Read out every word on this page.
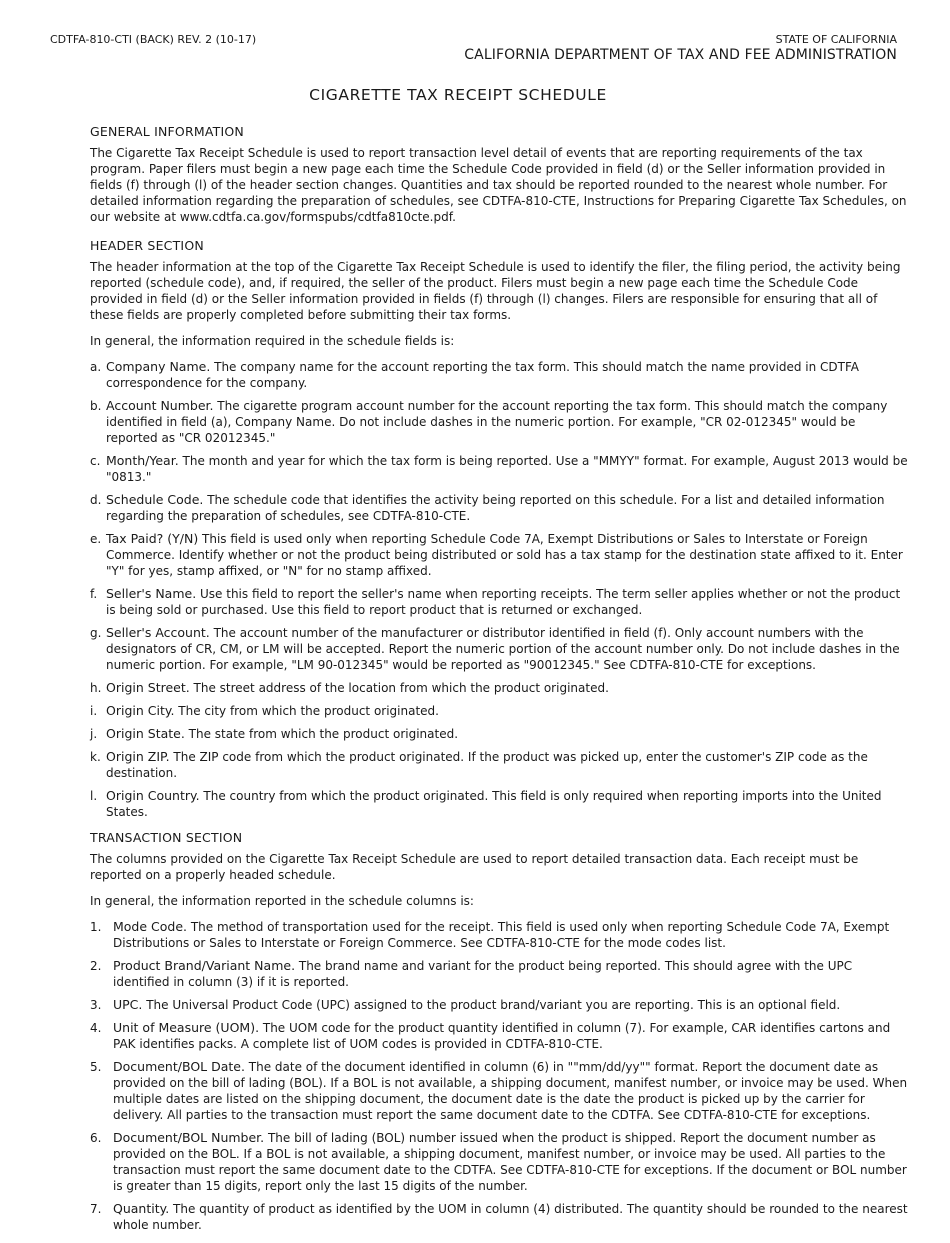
CDTFA-810-CTI (BACK) REV. 2 (10-17)	STATE OF CALIFORNIA
CALIFORNIA DEPARTMENT OF TAX AND FEE ADMINISTRATION
CIGARETTE TAX RECEIPT SCHEDULE
GENERAL INFORMATION

The Cigarette Tax Receipt Schedule is used to report transaction level detail of events that are reporting requirements of the tax program. Paper filers must begin a new page each time the Schedule Code provided in field (d) or the Seller information provided in fields (f) through (l) of the header section changes. Quantities and tax should be reported rounded to the nearest whole number. For detailed information regarding the preparation of schedules, see CDTFA-810-CTE, Instructions for Preparing Cigarette Tax Schedules, on our website at www.cdtfa.ca.gov/formspubs/cdtfa810cte.pdf.

HEADER SECTION

The header information at the top of the Cigarette Tax Receipt Schedule is used to identify the filer, the filing period, the activity being reported (schedule code), and, if required, the seller of the product. Filers must begin a new page each time the Schedule Code provided in field (d) or the Seller information provided in fields (f) through (l) changes. Filers are responsible for ensuring that all of these fields are properly completed before submitting their tax forms.

In general, the information required in the schedule fields is:

a. Company Name. The company name for the account reporting the tax form. This should match the name provided in CDTFA correspondence for the company.
b. Account Number. The cigarette program account number for the account reporting the tax form. This should match the company identified in field (a), Company Name. Do not include dashes in the numeric portion. For example, "CR 02-012345" would be reported as "CR 02012345."
c. Month/Year. The month and year for which the tax form is being reported. Use a "MMYY" format. For example, August 2013 would be "0813."
d. Schedule Code. The schedule code that identifies the activity being reported on this schedule. For a list and detailed information regarding the preparation of schedules, see CDTFA-810-CTE.
e. Tax Paid? (Y/N) This field is used only when reporting Schedule Code 7A, Exempt Distributions or Sales to Interstate or Foreign Commerce. Identify whether or not the product being distributed or sold has a tax stamp for the destination state affixed to it. Enter "Y" for yes, stamp affixed, or "N" for no stamp affixed.
f. Seller's Name. Use this field to report the seller's name when reporting receipts. The term seller applies whether or not the product is being sold or purchased. Use this field to report product that is returned or exchanged.
g. Seller's Account. The account number of the manufacturer or distributor identified in field (f). Only account numbers with the designators of CR, CM, or LM will be accepted. Report the numeric portion of the account number only. Do not include dashes in the numeric portion. For example, "LM 90-012345" would be reported as "90012345." See CDTFA-810-CTE for exceptions.
h. Origin Street. The street address of the location from which the product originated.
i. Origin City. The city from which the product originated.
j. Origin State. The state from which the product originated.
k. Origin ZIP. The ZIP code from which the product originated. If the product was picked up, enter the customer's ZIP code as the destination.
l. Origin Country. The country from which the product originated. This field is only required when reporting imports into the United States.
TRANSACTION SECTION

The columns provided on the Cigarette Tax Receipt Schedule are used to report detailed transaction data. Each receipt must be reported on a properly headed schedule.

In general, the information reported in the schedule columns is:

1. Mode Code. The method of transportation used for the receipt. This field is used only when reporting Schedule Code 7A, Exempt Distributions or Sales to Interstate or Foreign Commerce. See CDTFA-810-CTE for the mode codes list.
2. Product Brand/Variant Name. The brand name and variant for the product being reported. This should agree with the UPC identified in column (3) if it is reported.
3. UPC. The Universal Product Code (UPC) assigned to the product brand/variant you are reporting. This is an optional field.
4. Unit of Measure (UOM). The UOM code for the product quantity identified in column (7). For example, CAR identifies cartons and PAK identifies packs. A complete list of UOM codes is provided in CDTFA-810-CTE.
5. Document/BOL Date. The date of the document identified in column (6) in ""mm/dd/yy"" format. Report the document date as provided on the bill of lading (BOL). If a BOL is not available, a shipping document, manifest number, or invoice may be used. When multiple dates are listed on the shipping document, the document date is the date the product is picked up by the carrier for delivery. All parties to the transaction must report the same document date to the CDTFA. See CDTFA-810-CTE for exceptions.
6. Document/BOL Number. The bill of lading (BOL) number issued when the product is shipped. Report the document number as provided on the BOL. If a BOL is not available, a shipping document, manifest number, or invoice may be used. All parties to the transaction must report the same document date to the CDTFA. See CDTFA-810-CTE for exceptions. If the document or BOL number is greater than 15 digits, report only the last 15 digits of the number.
7. Quantity. The quantity of product as identified by the UOM in column (4) distributed. The quantity should be rounded to the nearest whole number.
